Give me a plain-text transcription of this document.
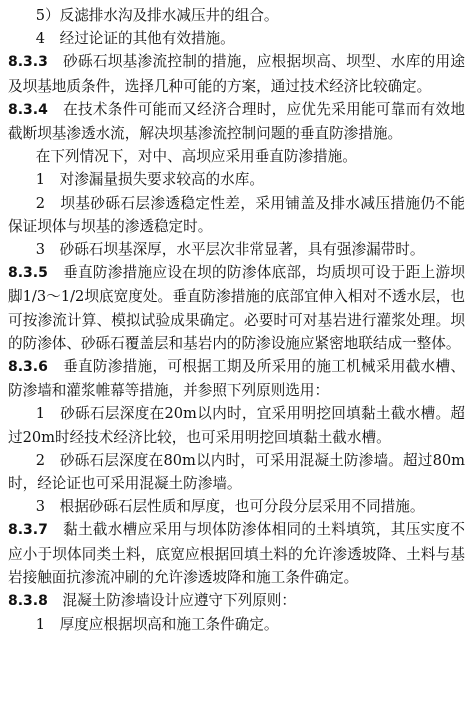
5）反滤排水沟及排水减压井的组合。

4　经过论证的其他有效措施。

8.3.3　 砂砾石坝基渗流控制的措施，应根据坝高、坝型、水库的用途及坝基地质条件，选择几种可能的方案，通过技术经济比较确定。

8.3.4　 在技术条件可能而又经济合理时，应优先采用能可靠而有效地截断坝基渗透水流，解决坝基渗流控制问题的垂直防渗措施。

在下列情况下，对中、高坝应采用垂直防渗措施。

1　对渗漏量损失要求较高的水库。

2　坝基砂砾石层渗透稳定性差，采用铺盖及排水减压措施仍不能保证坝体与坝基的渗透稳定时。

3　砂砾石坝基深厚，水平层次非常显著，具有强渗漏带时。

8.3.5　 垂直防渗措施应设在坝的防渗体底部，均质坝可设于距上游坝脚1/3～1/2坝底宽度处。垂直防渗措施的底部宜伸入相对不透水层，也可按渗流计算、模拟试验成果确定。必要时可对基岩进行灌浆处理。坝的防渗体、砂砾石覆盖层和基岩内的防渗设施应紧密地联结成一整体。

8.3.6　 垂直防渗措施，可根据工期及所采用的施工机械采用截水槽、防渗墙和灌浆帷幕等措施，并参照下列原则选用：

1　砂砾石层深度在20m以内时，宜采用明挖回填黏土截水槽。超过20m时经技术经济比较，也可采用明挖回填黏土截水槽。

2　砂砾石层深度在80m以内时，可采用混凝土防渗墙。超过80m时，经论证也可采用混凝土防渗墙。

3　根据砂砾石层性质和厚度，也可分段分层采用不同措施。

8.3.7　 黏土截水槽应采用与坝体防渗体相同的土料填筑，其压实度不应小于坝体同类土料，底宽应根据回填土料的允许渗透坡降、土料与基岩接触面抗渗流冲刷的允许渗透坡降和施工条件确定。

8.3.8　 混凝土防渗墙设计应遵守下列原则：

1　厚度应根据坝高和施工条件确定。
